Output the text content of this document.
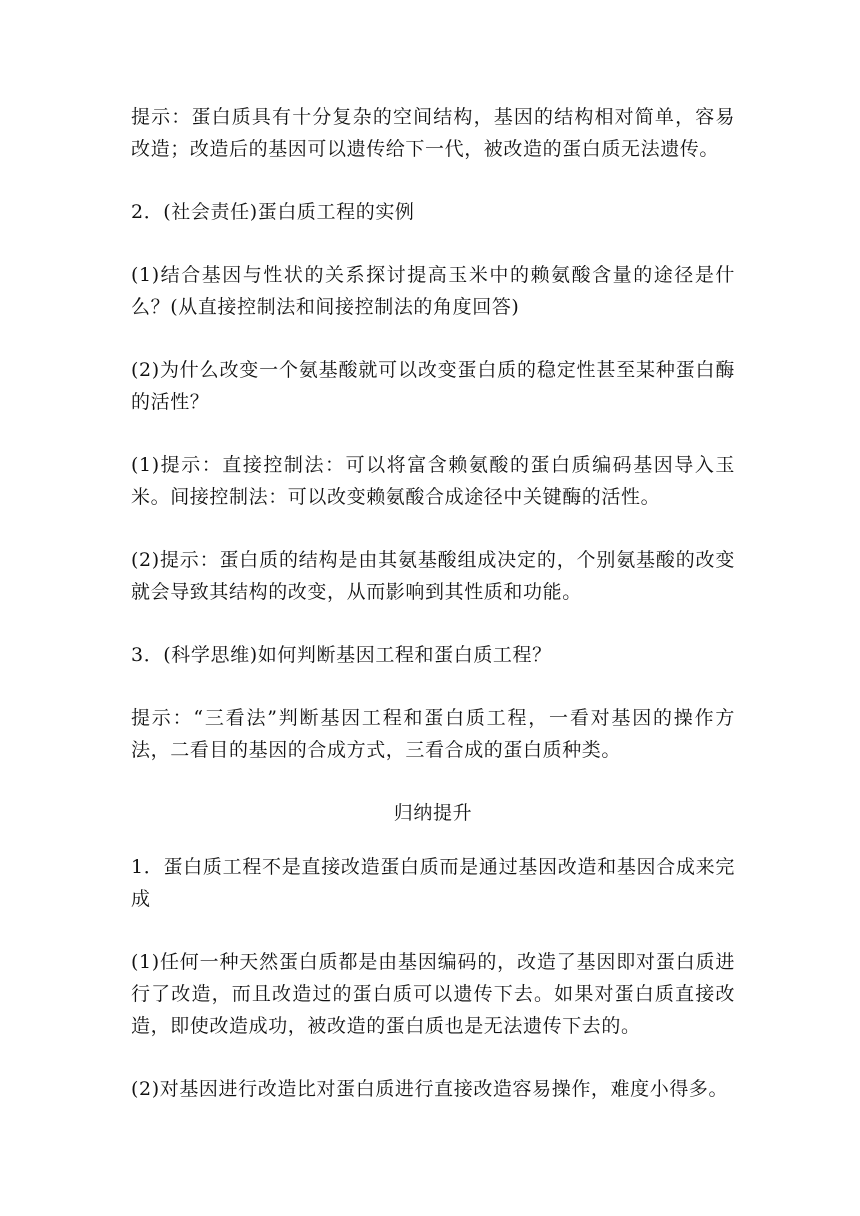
提示：蛋白质具有十分复杂的空间结构，基因的结构相对简单，容易改造；改造后的基因可以遗传给下一代，被改造的蛋白质无法遗传。

2．(社会责任)蛋白质工程的实例

(1)结合基因与性状的关系探讨提高玉米中的赖氨酸含量的途径是什么？(从直接控制法和间接控制法的角度回答)

(2)为什么改变一个氨基酸就可以改变蛋白质的稳定性甚至某种蛋白酶的活性？

(1)提示：直接控制法：可以将富含赖氨酸的蛋白质编码基因导入玉米。间接控制法：可以改变赖氨酸合成途径中关键酶的活性。

(2)提示：蛋白质的结构是由其氨基酸组成决定的，个别氨基酸的改变就会导致其结构的改变，从而影响到其性质和功能。

3．(科学思维)如何判断基因工程和蛋白质工程？

提示：“三看法”判断基因工程和蛋白质工程，一看对基因的操作方法，二看目的基因的合成方式，三看合成的蛋白质种类。

归纳提升

1．蛋白质工程不是直接改造蛋白质而是通过基因改造和基因合成来完成

(1)任何一种天然蛋白质都是由基因编码的，改造了基因即对蛋白质进行了改造，而且改造过的蛋白质可以遗传下去。如果对蛋白质直接改造，即使改造成功，被改造的蛋白质也是无法遗传下去的。

(2)对基因进行改造比对蛋白质进行直接改造容易操作，难度小得多。
